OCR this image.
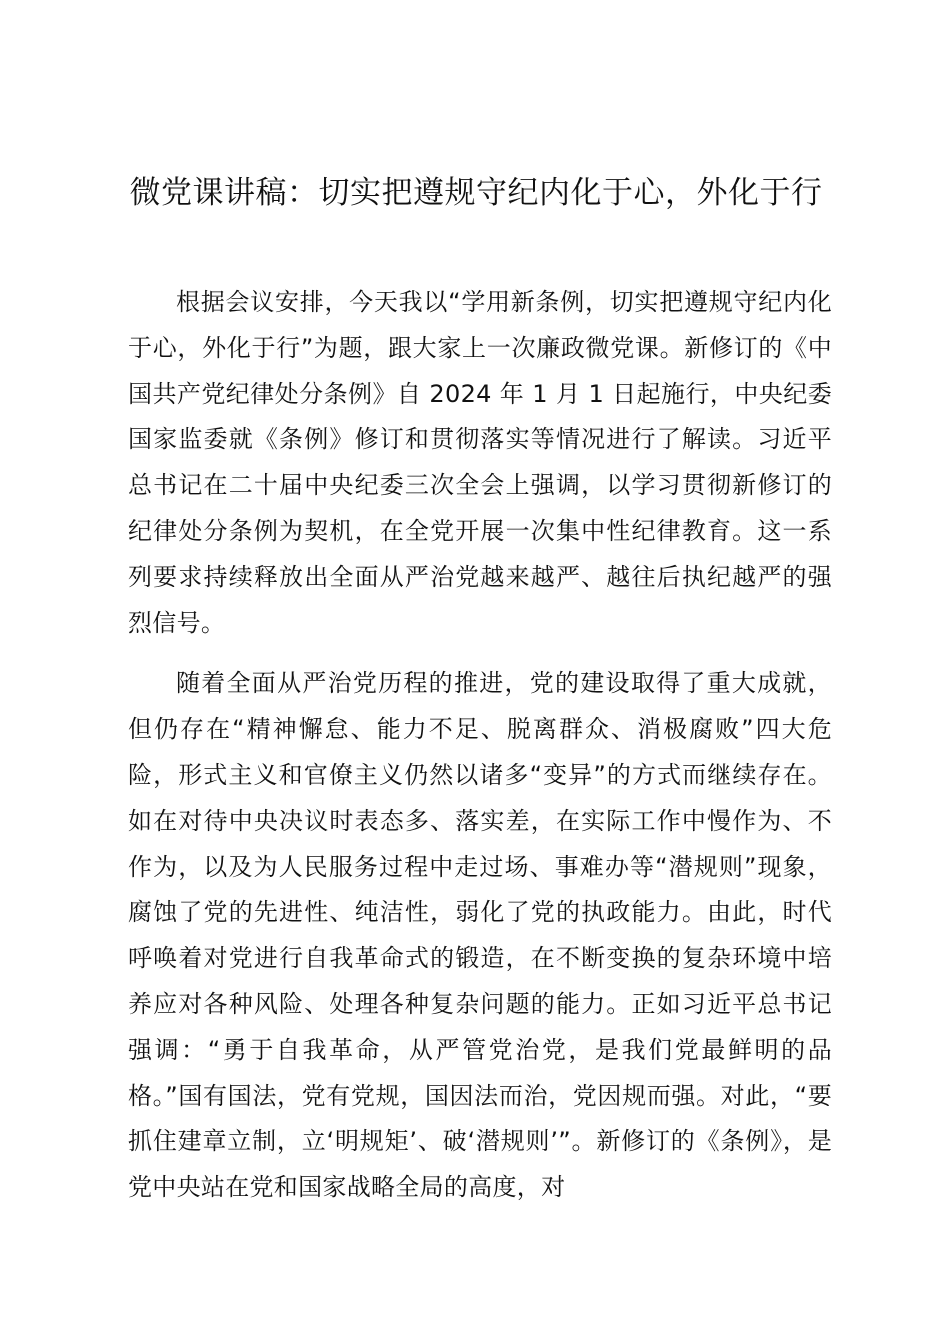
微党课讲稿：切实把遵规守纪内化于心，外化于行

根据会议安排，今天我以“学用新条例，切实把遵规守纪内化于心，外化于行”为题，跟大家上一次廉政微党课。新修订的《中国共产党纪律处分条例》自 2024 年 1 月 1 日起施行，中央纪委国家监委就《条例》修订和贯彻落实等情况进行了解读。习近平总书记在二十届中央纪委三次全会上强调，以学习贯彻新修订的纪律处分条例为契机，在全党开展一次集中性纪律教育。这一系列要求持续释放出全面从严治党越来越严、越往后执纪越严的强烈信号。

随着全面从严治党历程的推进，党的建设取得了重大成就，但仍存在“精神懈怠、能力不足、脱离群众、消极腐败”四大危险，形式主义和官僚主义仍然以诸多“变异”的方式而继续存在。如在对待中央决议时表态多、落实差，在实际工作中慢作为、不作为，以及为人民服务过程中走过场、事难办等“潜规则”现象，腐蚀了党的先进性、纯洁性，弱化了党的执政能力。由此，时代呼唤着对党进行自我革命式的锻造，在不断变换的复杂环境中培养应对各种风险、处理各种复杂问题的能力。正如习近平总书记强调：“勇于自我革命，从严管党治党，是我们党最鲜明的品格。”国有国法，党有党规，国因法而治，党因规而强。对此，“要抓住建章立制，立‘明规矩’、破‘潜规则’”。新修订的《条例》，是党中央站在党和国家战略全局的高度，对
